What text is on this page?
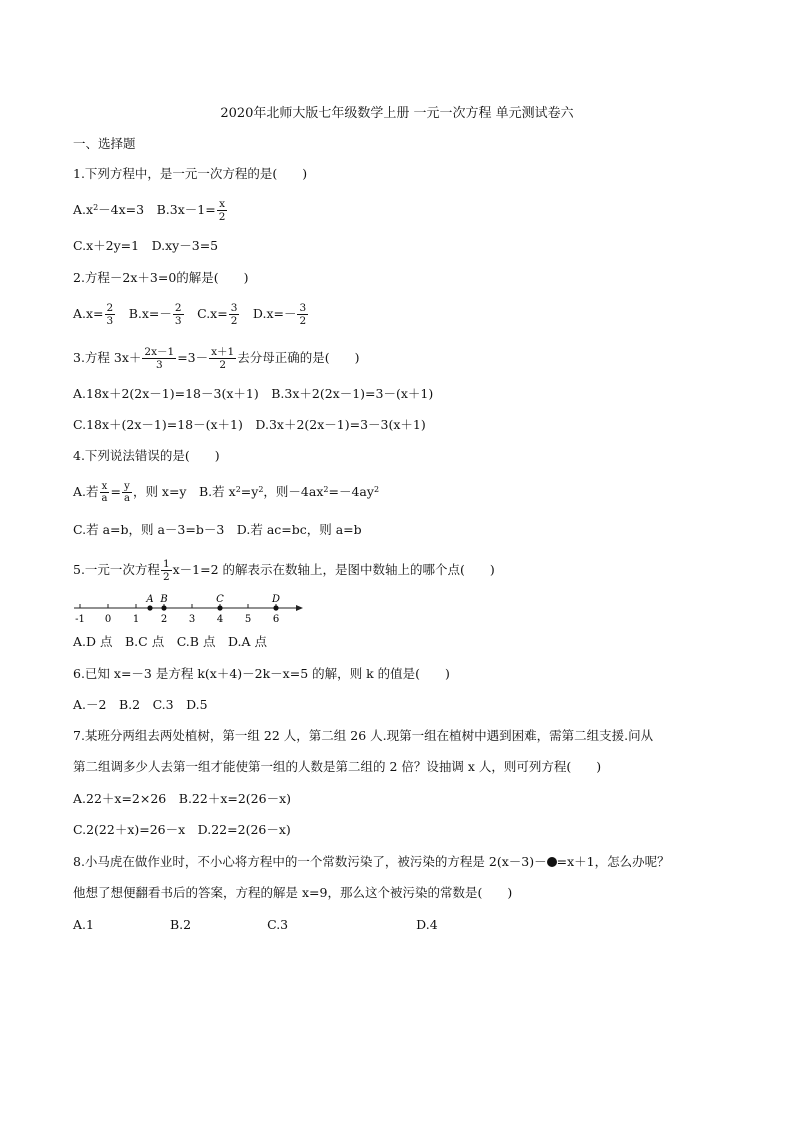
2020年北师大版七年级数学上册 一元一次方程 单元测试卷六
一、选择题
1.下列方程中，是一元一次方程的是(　　)
$A.x^2-4x=3$　$B.3x-1= \frac{x}{2}$
C.x＋2y=1　D.xy－3=5
2.方程－2x＋3=0的解是(　　)
$A.x= \frac{2}{3}$ 　$B.x=- \frac{2}{3}$ 　$C.x= \frac{3}{2}$ 　$D.x=- \frac{3}{2}$
3.方程 $3x+ \frac{2x-1}{3} =3- \frac{x+1}{2}$ 去分母正确的是(　　)
A.18x＋2(2x－1)=18－3(x＋1)　B.3x＋2(2x－1)=3－(x＋1)
C.18x＋(2x－1)=18－(x＋1)　D.3x＋2(2x－1)=3－3(x＋1)
4.下列说法错误的是(　　)
A.若 $\frac{x}{a} = \frac{y}{a}$ ，则 x=y　B.若 $x^2=y^2$，则$-4ax^2=-4ay^2$
C.若 a=b，则 a－3=b－3　D.若 ac=bc，则 a=b
5.一元一次方程 $\frac{1}{2} x-1=2$ 的解表示在数轴上，是图中数轴上的哪个点(　　)
-1 0 1 2 3 4 5 6
A B	C	D
A.D 点　B.C 点　C.B 点　D.A 点
6.已知 x=－3 是方程 k(x＋4)－2k－x=5 的解，则 k 的值是(　　)
A.－2　B.2　C.3　D.5
7.某班分两组去两处植树，第一组 22 人，第二组 26 人.现第一组在植树中遇到困难，需第二组支援.问从
第二组调多少人去第一组才能使第一组的人数是第二组的 2 倍？设抽调 x 人，则可列方程(　　)
A.22＋x=2×26　B.22＋x=2(26－x)
C.2(22＋x)=26－x　D.22=2(26－x)
8.小马虎在做作业时，不小心将方程中的一个常数污染了，被污染的方程是 2(x－3)－ =x＋1，怎么办呢？
他想了想便翻看书后的答案，方程的解是 x=9，那么这个被污染的常数是(　　)
A.1	B.2	C.3	D.4
